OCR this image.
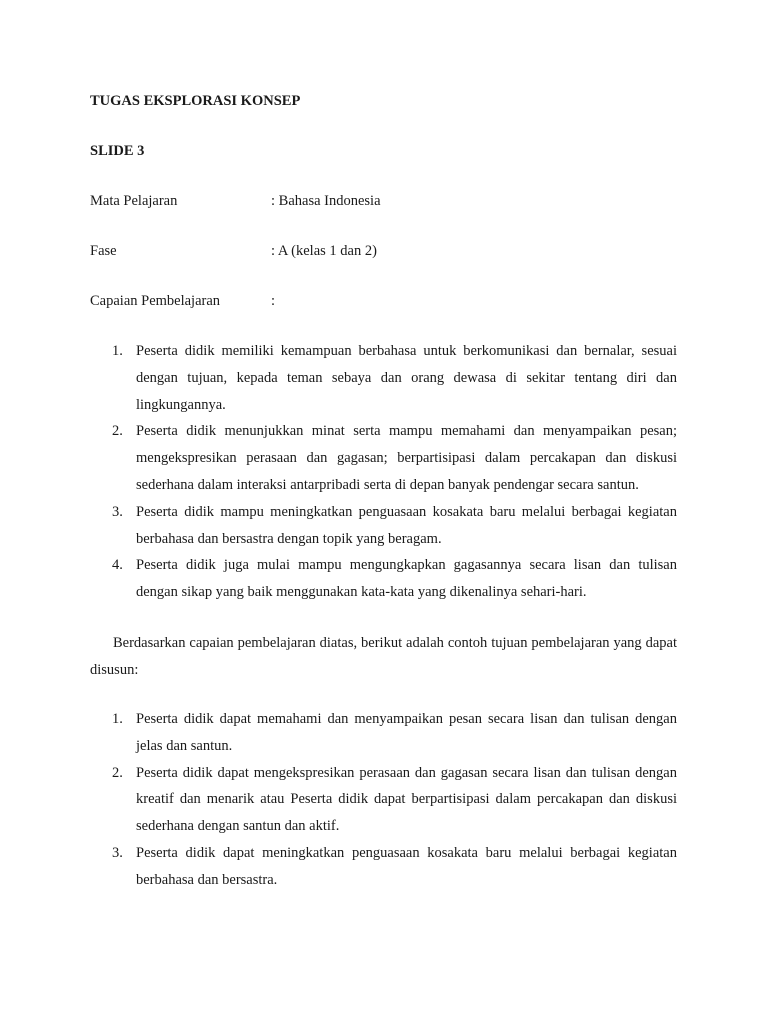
TUGAS EKSPLORASI KONSEP
SLIDE 3
Mata Pelajaran	: Bahasa Indonesia
Fase	: A (kelas 1 dan 2)
Capaian Pembelajaran	:
1. Peserta didik memiliki kemampuan berbahasa untuk berkomunikasi dan bernalar, sesuai dengan tujuan, kepada teman sebaya dan orang dewasa di sekitar tentang diri dan lingkungannya.
2. Peserta didik menunjukkan minat serta mampu memahami dan menyampaikan pesan; mengekspresikan perasaan dan gagasan; berpartisipasi dalam percakapan dan diskusi sederhana dalam interaksi antarpribadi serta di depan banyak pendengar secara santun.
3. Peserta didik mampu meningkatkan penguasaan kosakata baru melalui berbagai kegiatan berbahasa dan bersastra dengan topik yang beragam.
4. Peserta didik juga mulai mampu mengungkapkan gagasannya secara lisan dan tulisan dengan sikap yang baik menggunakan kata-kata yang dikenalinya sehari-hari.
Berdasarkan capaian pembelajaran diatas, berikut adalah contoh tujuan pembelajaran yang dapat disusun:
1. Peserta didik dapat memahami dan menyampaikan pesan secara lisan dan tulisan dengan jelas dan santun.
2. Peserta didik dapat mengekspresikan perasaan dan gagasan secara lisan dan tulisan dengan kreatif dan menarik atau Peserta didik dapat berpartisipasi dalam percakapan dan diskusi sederhana dengan santun dan aktif.
3. Peserta didik dapat meningkatkan penguasaan kosakata baru melalui berbagai kegiatan berbahasa dan bersastra.
